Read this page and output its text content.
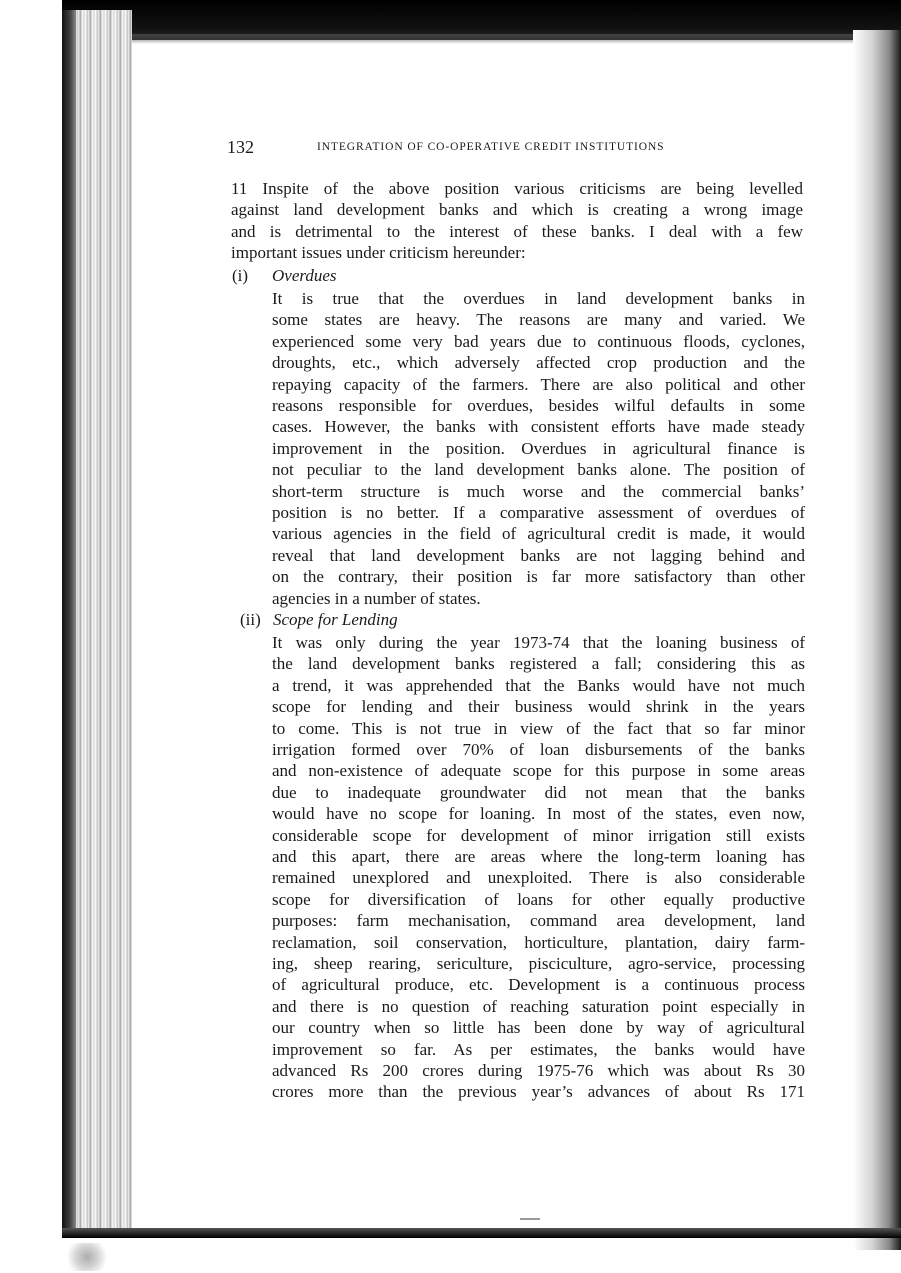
132	INTEGRATION OF CO-OPERATIVE CREDIT INSTITUTIONS
11 Inspite of the above position various criticisms are being levelled
against land development banks and which is creating a wrong image
and is detrimental to the interest of these banks. I deal with a few
important issues under criticism hereunder:
(i) Overdues
It is true that the overdues in land development banks in
some states are heavy. The reasons are many and varied. We
experienced some very bad years due to continuous floods, cyclones,
droughts, etc., which adversely affected crop production and the
repaying capacity of the farmers. There are also political and other
reasons responsible for overdues, besides wilful defaults in some
cases. However, the banks with consistent efforts have made steady
improvement in the position. Overdues in agricultural finance is
not peculiar to the land development banks alone. The position of
short-term structure is much worse and the commercial banks’
position is no better. If a comparative assessment of overdues of
various agencies in the field of agricultural credit is made, it would
reveal that land development banks are not lagging behind and
on the contrary, their position is far more satisfactory than other
agencies in a number of states.
(ii) Scope for Lending
It was only during the year 1973-74 that the loaning business of
the land development banks registered a fall; considering this as
a trend, it was apprehended that the Banks would have not much
scope for lending and their business would shrink in the years
to come. This is not true in view of the fact that so far minor
irrigation formed over 70% of loan disbursements of the banks
and non-existence of adequate scope for this purpose in some areas
due to inadequate groundwater did not mean that the banks
would have no scope for loaning. In most of the states, even now,
considerable scope for development of minor irrigation still exists
and this apart, there are areas where the long-term loaning has
remained unexplored and unexploited. There is also considerable
scope for diversification of loans for other equally productive
purposes: farm mechanisation, command area development, land
reclamation, soil conservation, horticulture, plantation, dairy farm-
ing, sheep rearing, sericulture, pisciculture, agro-service, processing
of agricultural produce, etc. Development is a continuous process
and there is no question of reaching saturation point especially in
our country when so little has been done by way of agricultural
improvement so far. As per estimates, the banks would have
advanced Rs 200 crores during 1975-76 which was about Rs 30
crores more than the previous year’s advances of about Rs 171
